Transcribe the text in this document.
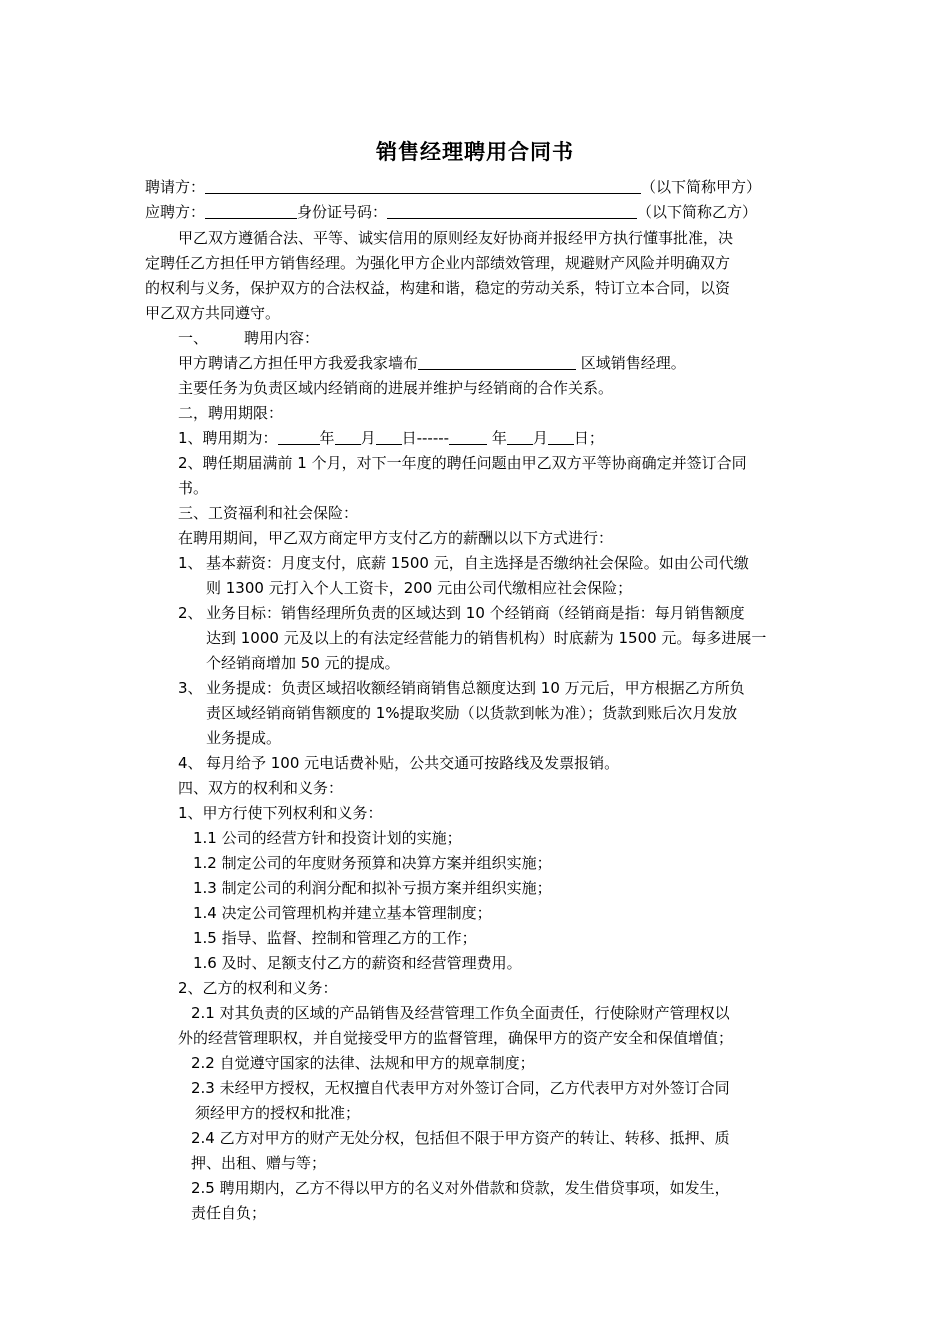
销售经理聘用合同书
聘请方：	（以下简称甲方）
应聘方：	身份证号码：	（以下简称乙方）
甲乙双方遵循合法、平等、诚实信用的原则经友好协商并报经甲方执行懂事批准，决
定聘任乙方担任甲方销售经理。为强化甲方企业内部绩效管理，规避财产风险并明确双方
的权利与义务，保护双方的合法权益，构建和谐，稳定的劳动关系，特订立本合同，以资
甲乙双方共同遵守。
一、 聘用内容：
甲方聘请乙方担任甲方我爱我家墙布	区域销售经理。
主要任务为负责区域内经销商的进展并维护与经销商的合作关系。
二，聘用期限：
1、聘用期为：	年 月 日------	年 月 日；
2、聘任期届满前 1 个月，对下一年度的聘任问题由甲乙双方平等协商确定并签订合同
书。
三、工资福利和社会保险：
在聘用期间，甲乙双方商定甲方支付乙方的薪酬以以下方式进行：
1、 基本薪资：月度支付，底薪 1500 元，自主选择是否缴纳社会保险。如由公司代缴
则 1300 元打入个人工资卡，200 元由公司代缴相应社会保险；
2、 业务目标：销售经理所负责的区域达到 10 个经销商（经销商是指：每月销售额度
达到 1000 元及以上的有法定经营能力的销售机构）时底薪为 1500 元。每多进展一
个经销商增加 50 元的提成。
3、 业务提成：负责区域招收额经销商销售总额度达到 10 万元后，甲方根据乙方所负
责区域经销商销售额度的 1%提取奖励（以货款到帐为准）；货款到账后次月发放
业务提成。
4、 每月给予 100 元电话费补贴，公共交通可按路线及发票报销。
四、双方的权利和义务：
1、甲方行使下列权利和义务：
1.1 公司的经营方针和投资计划的实施；
1.2 制定公司的年度财务预算和决算方案并组织实施；
1.3 制定公司的利润分配和拟补亏损方案并组织实施；
1.4 决定公司管理机构并建立基本管理制度；
1.5 指导、监督、控制和管理乙方的工作；
1.6 及时、足额支付乙方的薪资和经营管理费用。
2、乙方的权利和义务：
2.1 对其负责的区域的产品销售及经营管理工作负全面责任，行使除财产管理权以
外的经营管理职权，并自觉接受甲方的监督管理，确保甲方的资产安全和保值增值；
2.2 自觉遵守国家的法律、法规和甲方的规章制度；
2.3 未经甲方授权，无权擅自代表甲方对外签订合同，乙方代表甲方对外签订合同
须经甲方的授权和批准；
2.4 乙方对甲方的财产无处分权，包括但不限于甲方资产的转让、转移、抵押、质
押、出租、赠与等；
2.5 聘用期内，乙方不得以甲方的名义对外借款和贷款，发生借贷事项，如发生，
责任自负；
